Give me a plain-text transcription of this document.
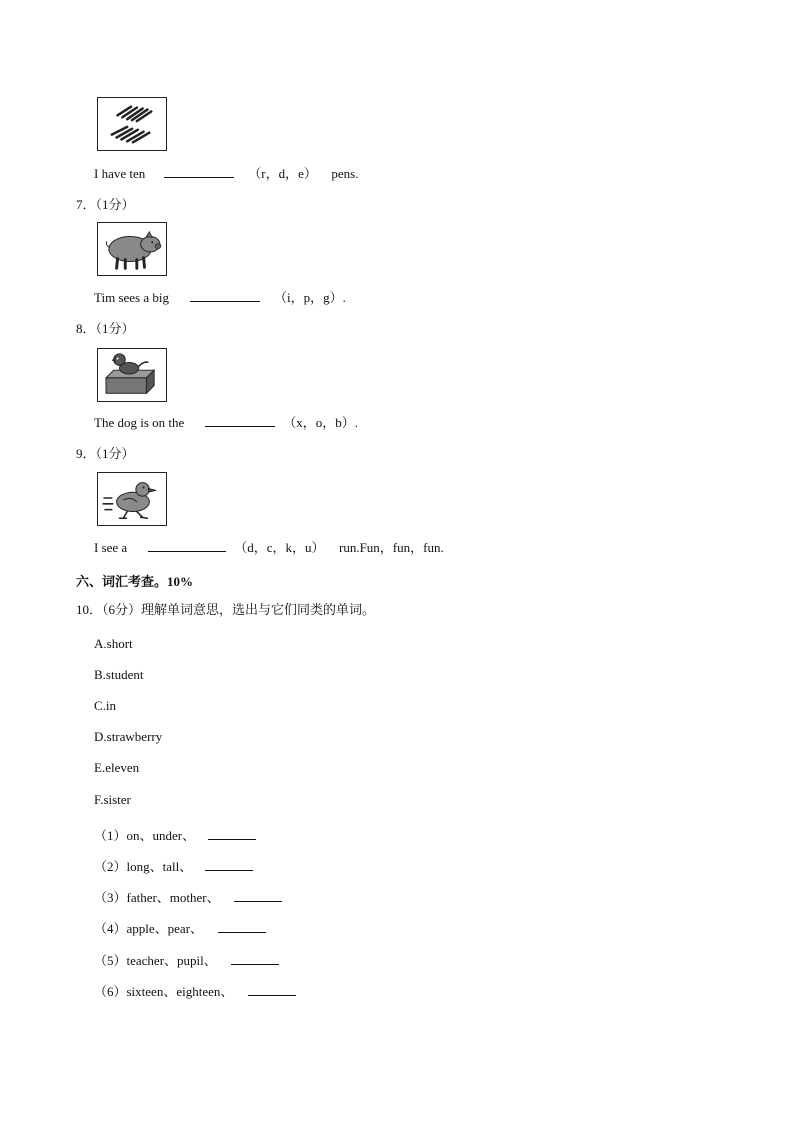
I have ten	（r，d，e） pens.
7．（1分）
Tim sees a big	（i，p，g）.
8．（1分）
The dog is on the	（x，o，b）.
9．（1分）
I see a	（d，c，k，u） run.Fun，fun，fun.
六、词汇考查。10%
10．（6分）理解单词意思，选出与它们同类的单词。
A.short
B.student
C.in
D.strawberry
E.eleven
F.sister
（1）on、under、
（2）long、tall、
（3）father、mother、
（4）apple、pear、
（5）teacher、pupil、
（6）sixteen、eighteen、
